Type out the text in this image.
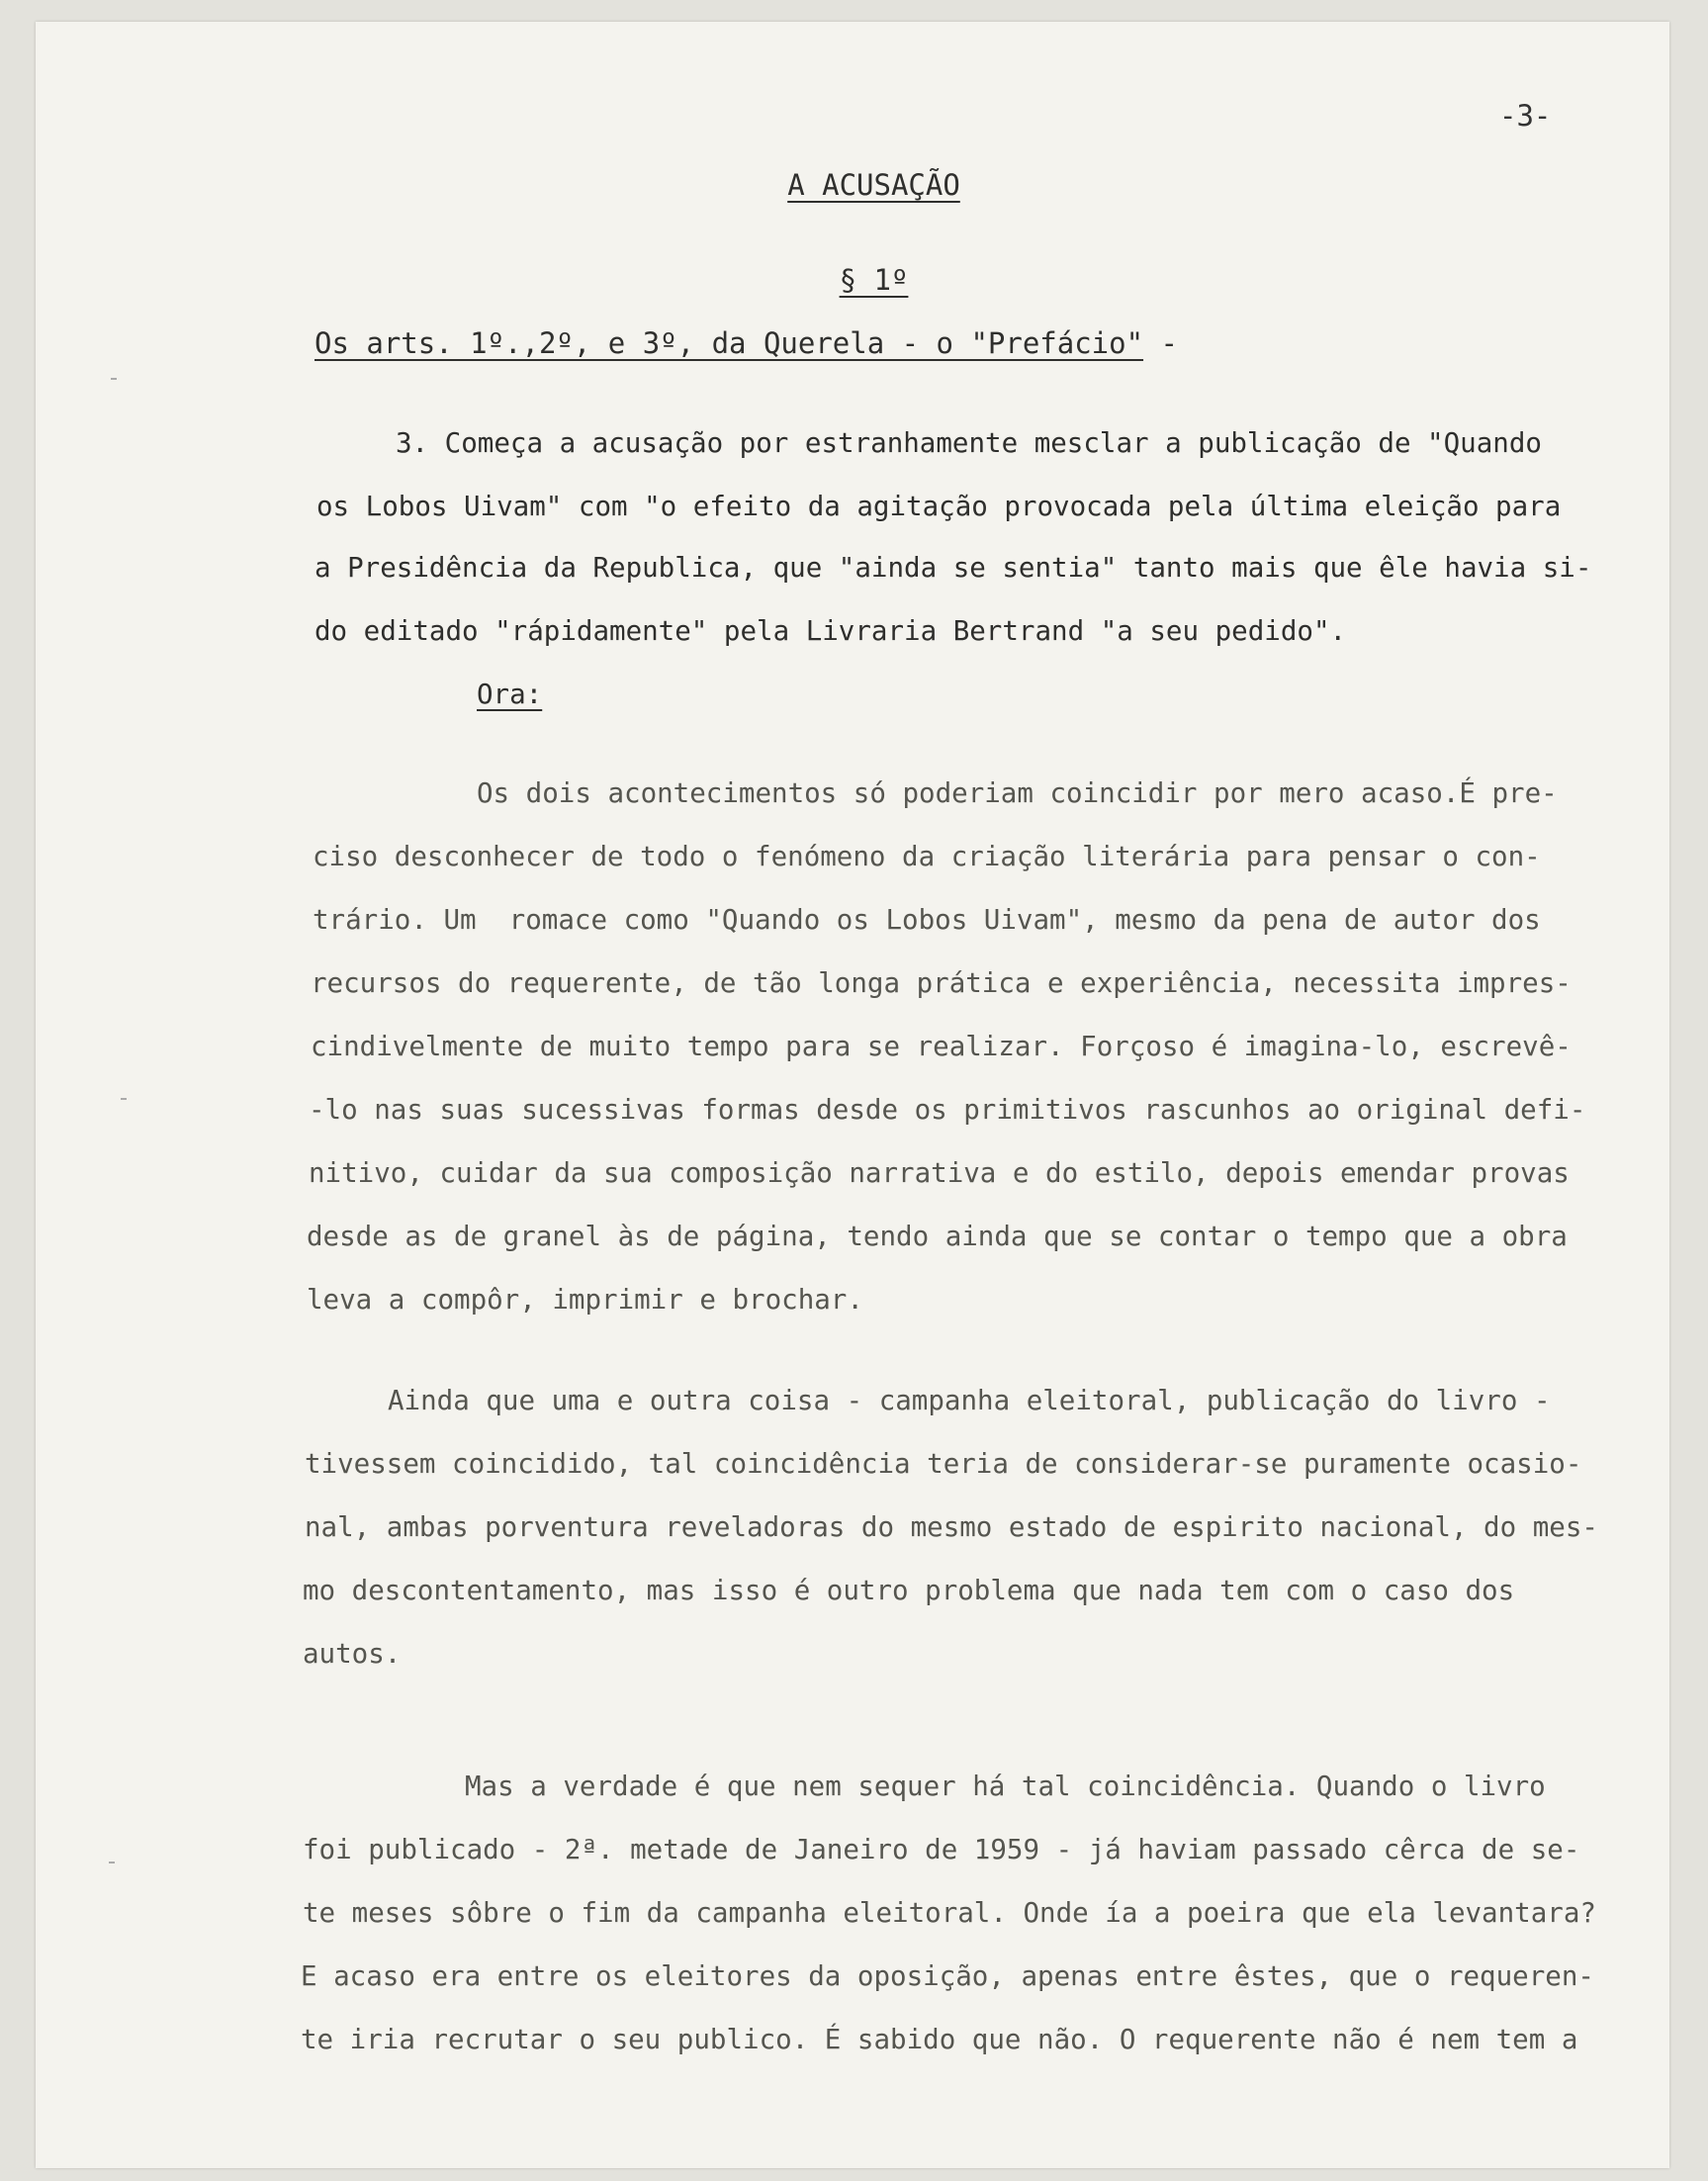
-3-
A ACUSAÇÃO
§ 1º
Os arts. 1º.,2º, e 3º, da Querela - o "Prefácio" -
3. Começa a acusação por estranhamente mesclar a publicação de "Quando
os Lobos Uivam" com "o efeito da agitação provocada pela última eleição para
a Presidência da Republica, que "ainda se sentia" tanto mais que êle havia si-
do editado "rápidamente" pela Livraria Bertrand "a seu pedido".
Ora:
Os dois acontecimentos só poderiam coincidir por mero acaso.É pre-
ciso desconhecer de todo o fenómeno da criação literária para pensar o con-
trário. Um  romace como "Quando os Lobos Uivam", mesmo da pena de autor dos
recursos do requerente, de tão longa prática e experiência, necessita impres-
cindivelmente de muito tempo para se realizar. Forçoso é imagina-lo, escrevê-
-lo nas suas sucessivas formas desde os primitivos rascunhos ao original defi-
nitivo, cuidar da sua composição narrativa e do estilo, depois emendar provas
desde as de granel às de página, tendo ainda que se contar o tempo que a obra
leva a compôr, imprimir e brochar.
Ainda que uma e outra coisa - campanha eleitoral, publicação do livro -
tivessem coincidido, tal coincidência teria de considerar-se puramente ocasio-
nal, ambas porventura reveladoras do mesmo estado de espirito nacional, do mes-
mo descontentamento, mas isso é outro problema que nada tem com o caso dos
autos.
Mas a verdade é que nem sequer há tal coincidência. Quando o livro
foi publicado - 2ª. metade de Janeiro de 1959 - já haviam passado cêrca de se-
te meses sôbre o fim da campanha eleitoral. Onde ía a poeira que ela levantara?
E acaso era entre os eleitores da oposição, apenas entre êstes, que o requeren-
te iria recrutar o seu publico. É sabido que não. O requerente não é nem tem a
